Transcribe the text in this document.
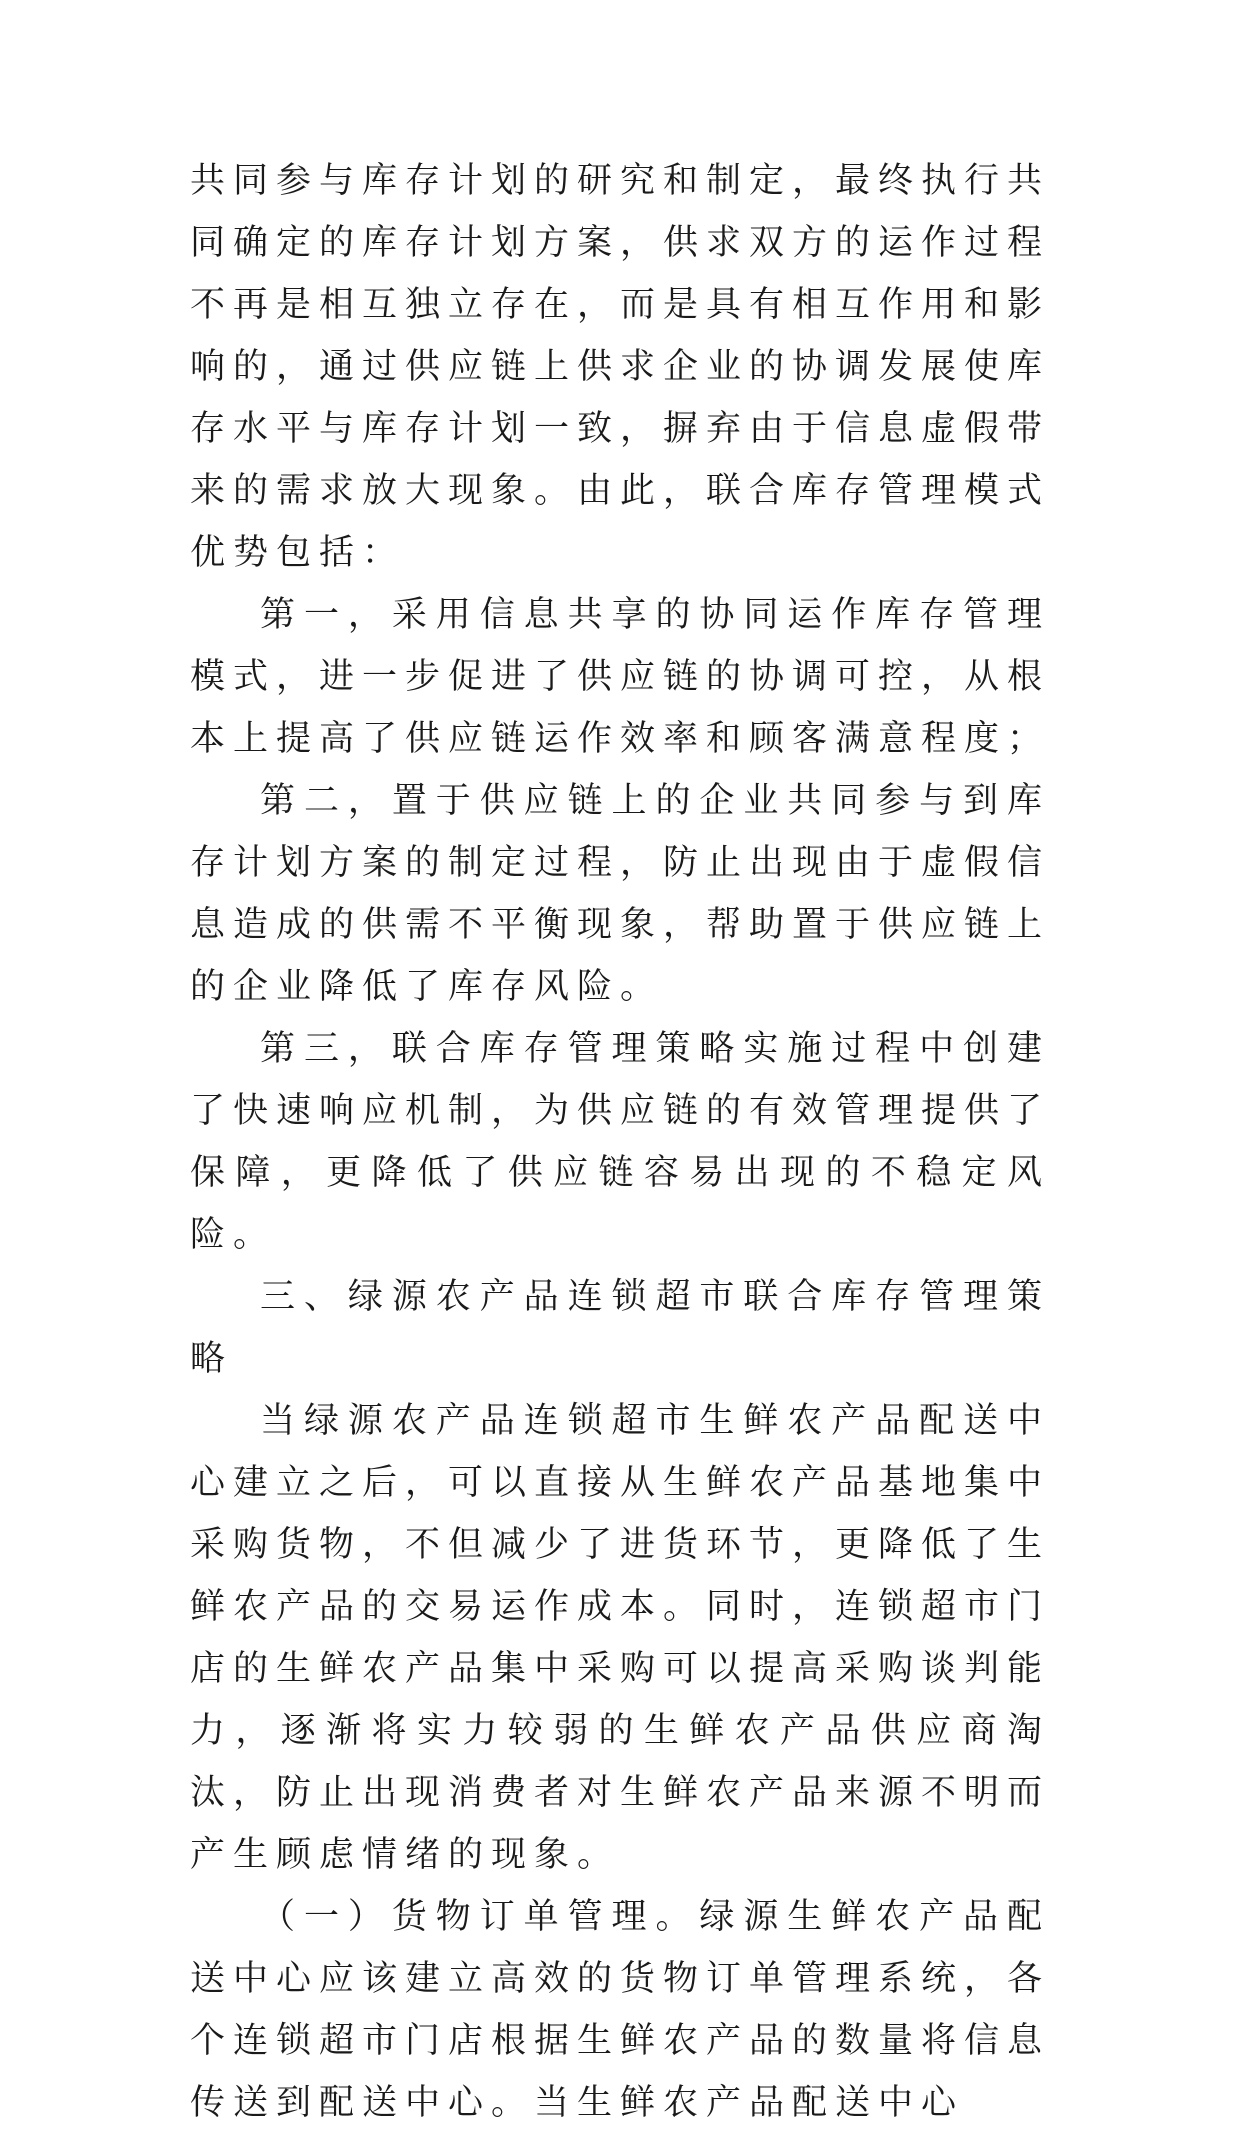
共同参与库存计划的研究和制定，最终执行共同确定的库存计划方案，供求双方的运作过程不再是相互独立存在，而是具有相互作用和影响的，通过供应链上供求企业的协调发展使库存水平与库存计划一致，摒弃由于信息虚假带来的需求放大现象。由此，联合库存管理模式优势包括：

第一，采用信息共享的协同运作库存管理模式，进一步促进了供应链的协调可控，从根本上提高了供应链运作效率和顾客满意程度；

第二，置于供应链上的企业共同参与到库存计划方案的制定过程，防止出现由于虚假信息造成的供需不平衡现象，帮助置于供应链上的企业降低了库存风险。

第三，联合库存管理策略实施过程中创建了快速响应机制，为供应链的有效管理提供了保障，更降低了供应链容易出现的不稳定风险。

三、绿源农产品连锁超市联合库存管理策略

当绿源农产品连锁超市生鲜农产品配送中心建立之后，可以直接从生鲜农产品基地集中采购货物，不但减少了进货环节，更降低了生鲜农产品的交易运作成本。同时，连锁超市门店的生鲜农产品集中采购可以提高采购谈判能力，逐渐将实力较弱的生鲜农产品供应商淘汰，防止出现消费者对生鲜农产品来源不明而产生顾虑情绪的现象。

（一）货物订单管理。绿源生鲜农产品配送中心应该建立高效的货物订单管理系统，各个连锁超市门店根据生鲜农产品的数量将信息传送到配送中心。当生鲜农产品配送中心
